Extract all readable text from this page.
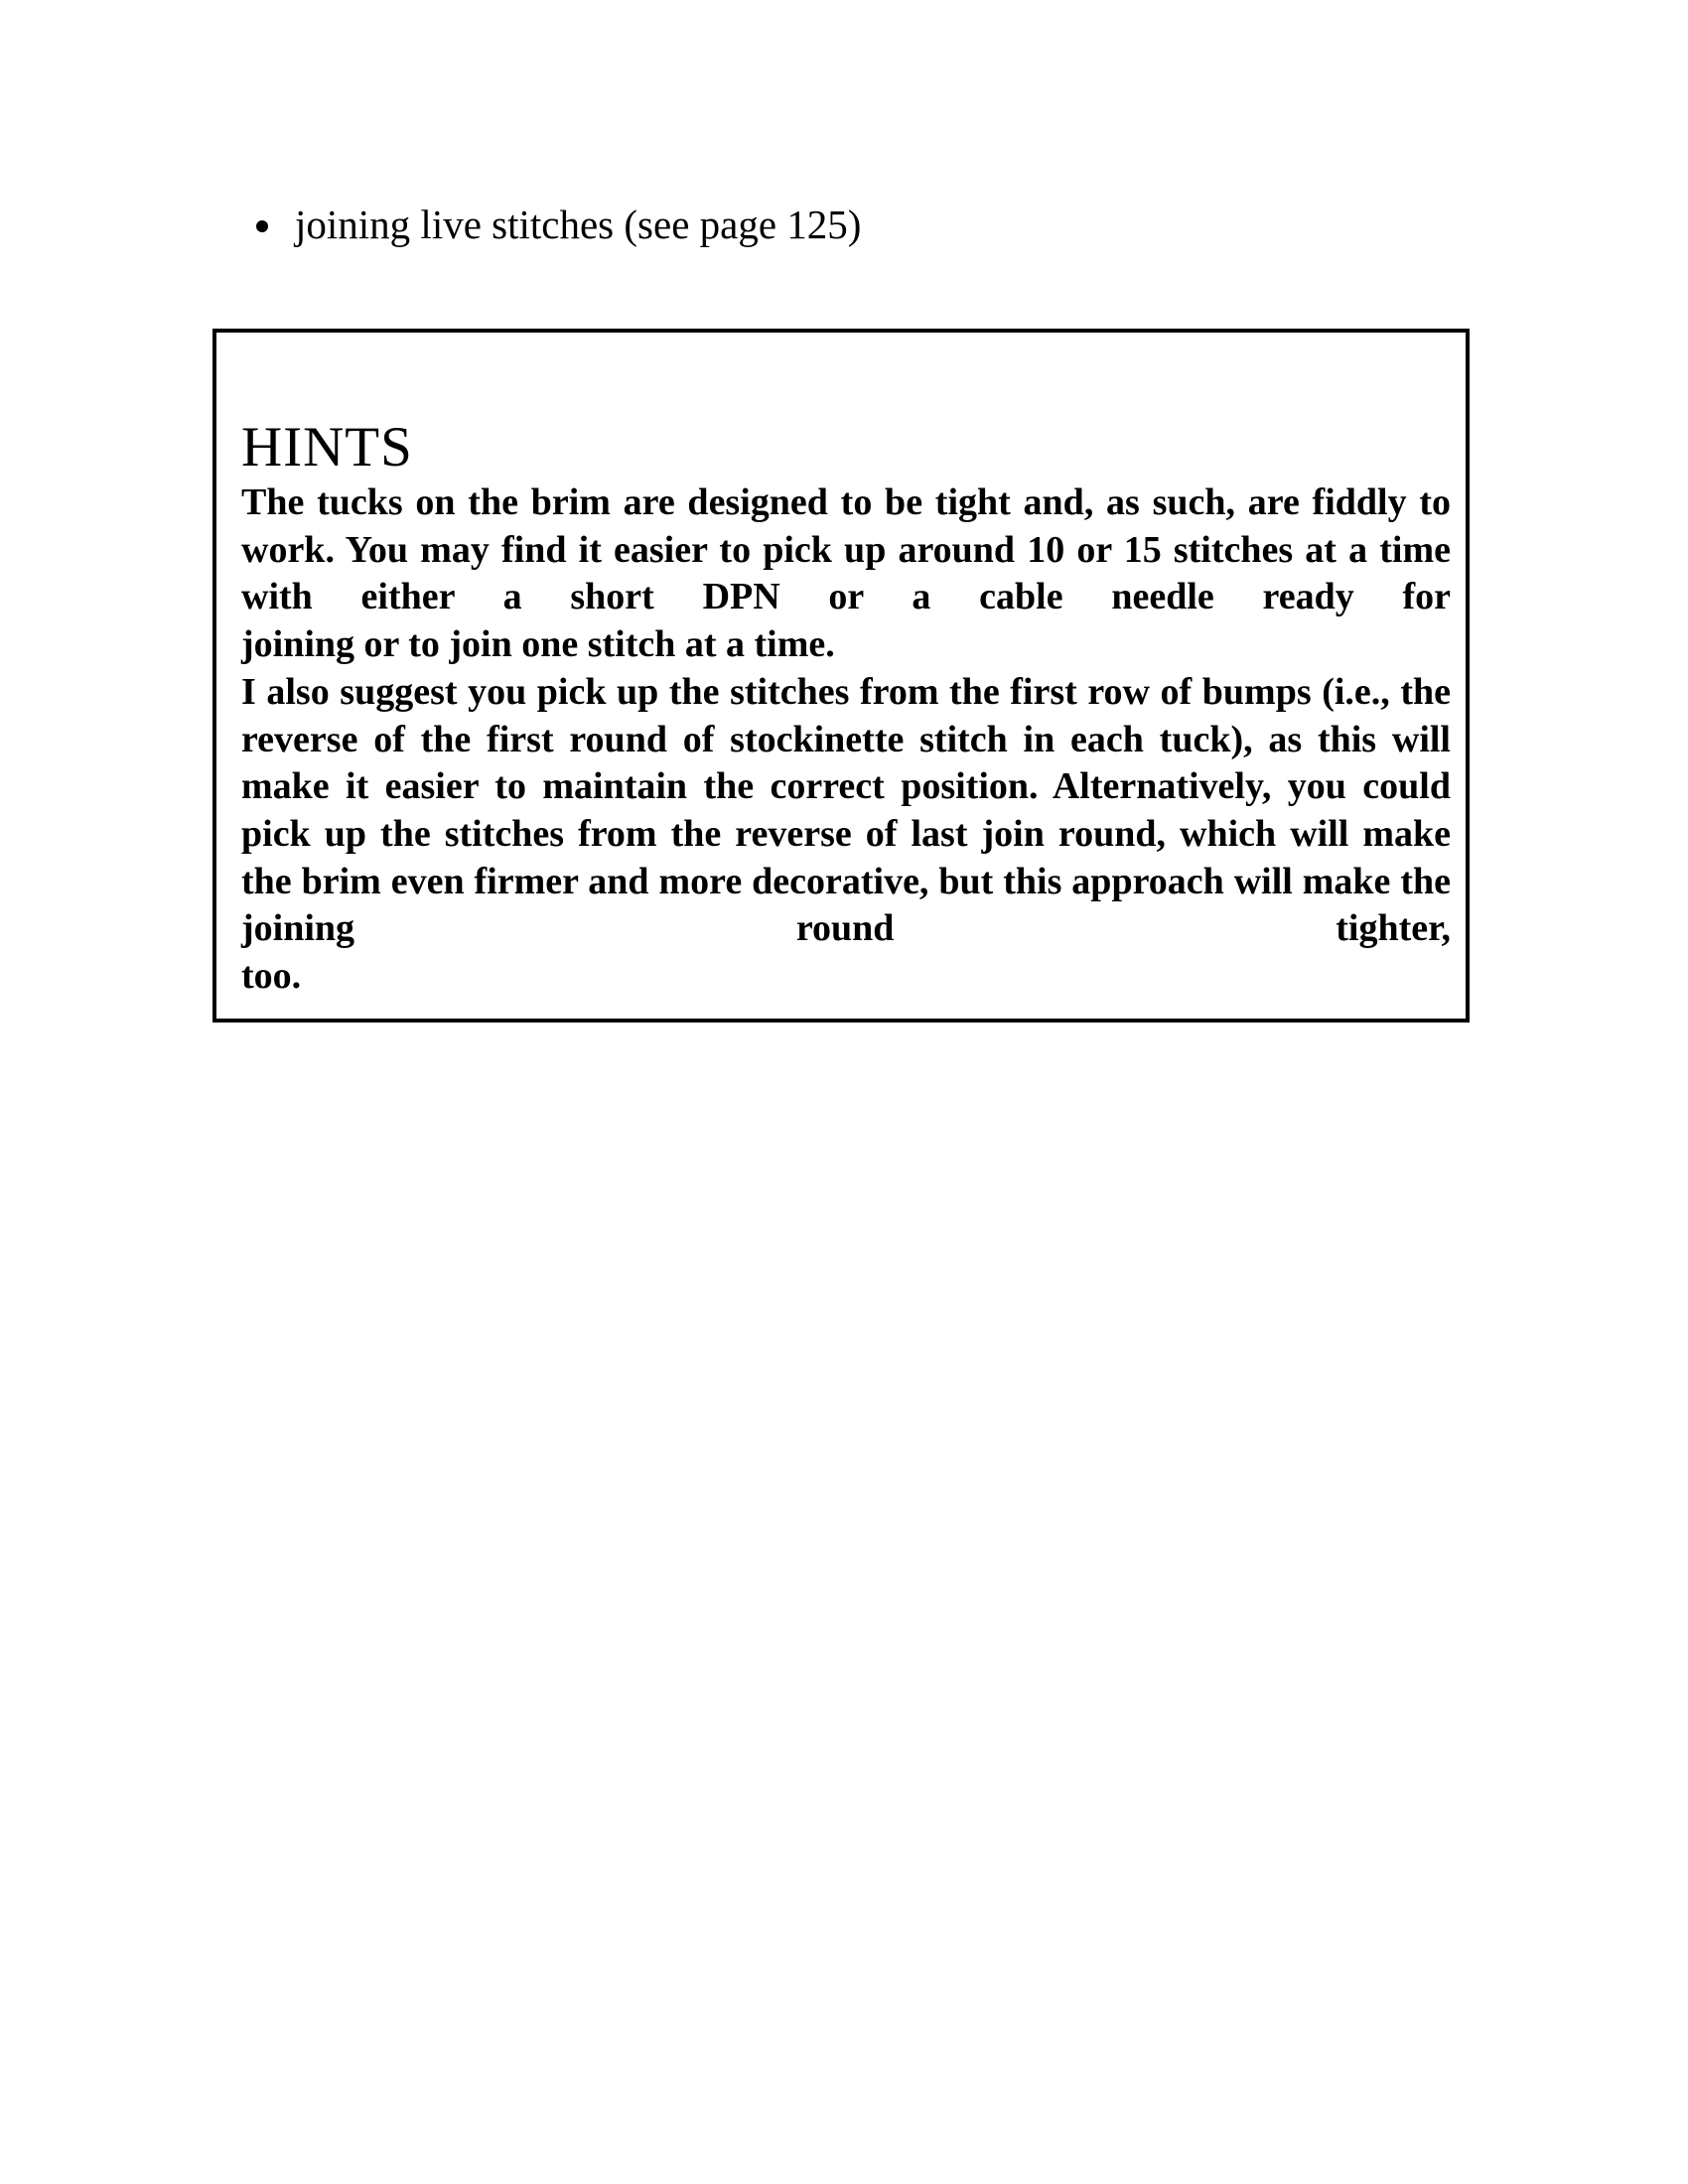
joining live stitches (see page 125)
HINTS

The tucks on the brim are designed to be tight and, as such, are fiddly to work. You may find it easier to pick up around 10 or 15 stitches at a time with either a short DPN or a cable needle ready for

joining or to join one stitch at a time.

I also suggest you pick up the stitches from the first row of bumps (i.e., the reverse of the first round of stockinette stitch in each tuck), as this will make it easier to maintain the correct position. Alternatively, you could pick up the stitches from the reverse of last join round, which will make the brim even firmer and more decorative, but this approach will make the joining round tighter,

too.
